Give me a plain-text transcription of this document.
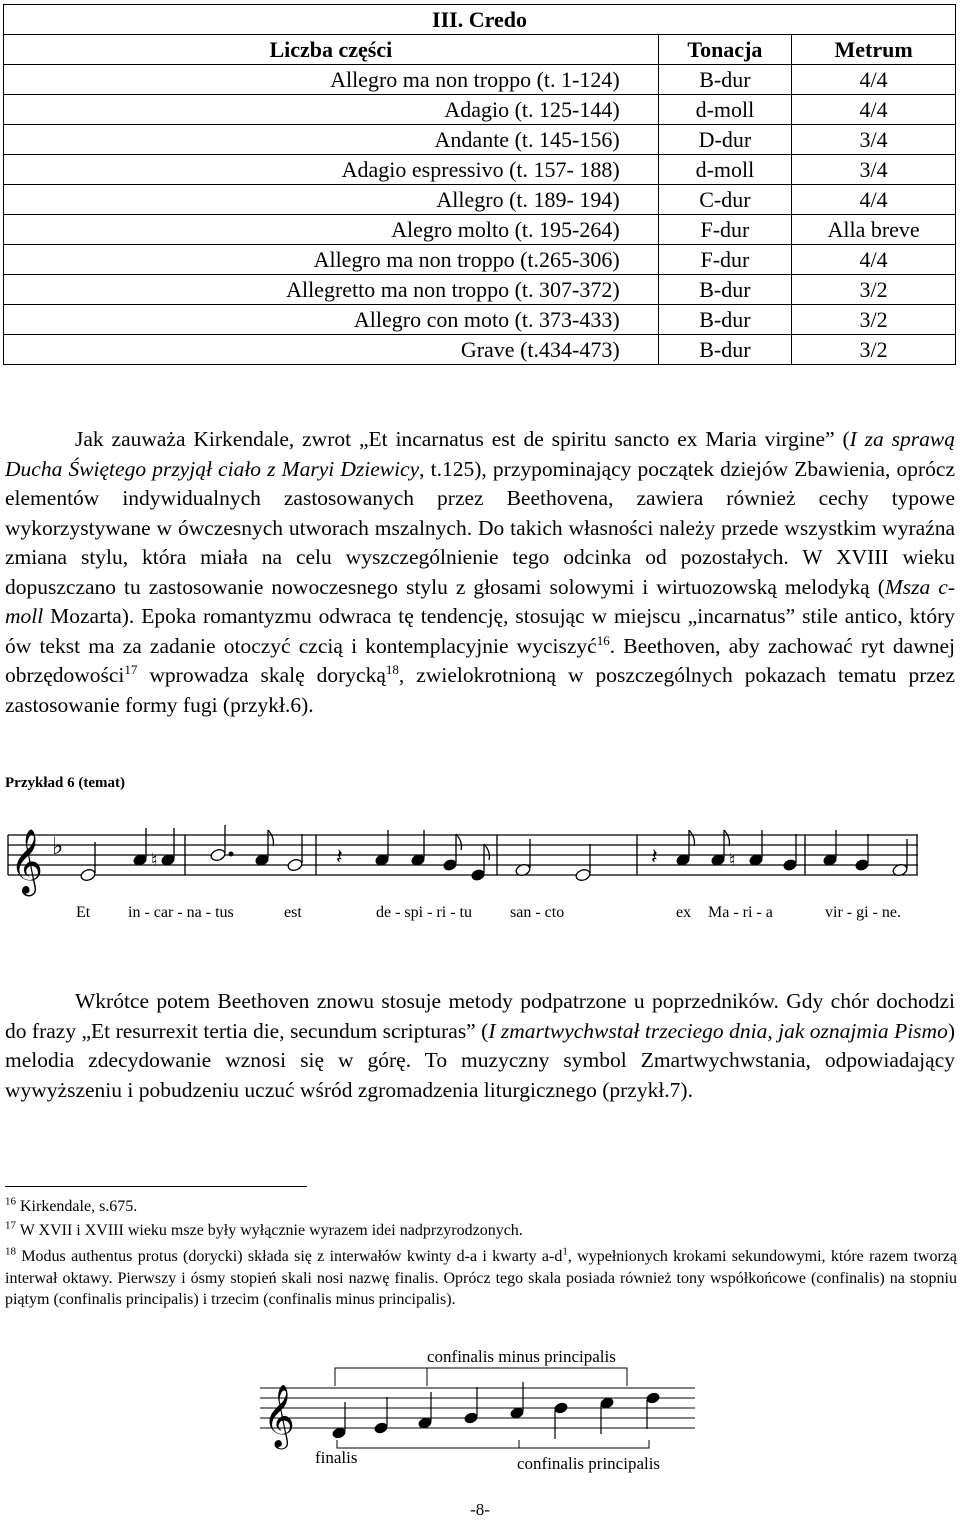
III. Credo		
Liczba części	Tonacja	Metrum
Allegro ma non troppo (t. 1-124)	B-dur	4/4
Adagio (t. 125-144)	d-moll	4/4
Andante (t. 145-156)	D-dur	3/4
Adagio espressivo (t. 157- 188)	d-moll	3/4
Allegro (t. 189- 194)	C-dur	4/4
Alegro molto (t. 195-264)	F-dur	Alla breve
Allegro ma non troppo (t.265-306)	F-dur	4/4
Allegretto ma non troppo (t. 307-372)	B-dur	3/2
Allegro con moto (t. 373-433)	B-dur	3/2
Grave (t.434-473)	B-dur	3/2

Jak zauważa Kirkendale, zwrot „Et incarnatus est de spiritu sancto ex Maria virgine” (I za sprawą Ducha Świętego przyjął ciało z Maryi Dziewicy, t.125), przypominający początek dziejów Zbawienia, oprócz elementów indywidualnych zastosowanych przez Beethovena, zawiera również cechy typowe wykorzystywane w ówczesnych utworach mszalnych. Do takich własności należy przede wszystkim wyraźna zmiana stylu, która miała na celu wyszczególnienie tego odcinka od pozostałych. W XVIII wieku dopuszczano tu zastosowanie nowoczesnego stylu z głosami solowymi i wirtuozowską melodyką (Msza c-moll Mozarta). Epoka romantyzmu odwraca tę tendencję, stosując w miejscu „incarnatus” stile antico, który ów tekst ma za zadanie otoczyć czcią i kontemplacyjnie wyciszyć$^{16}$. Beethoven, aby zachować ryt dawnej obrzędowości$^{17}$ wprowadza skalę dorycką$^{18}$, zwielokrotnioną w poszczególnych pokazach tematu przez zastosowanie formy fugi (przykł.6).

Przykład 6 (temat)

𝄞 ♭	♮	𝄽	𝄽	♮
Et in - car - na - tus	est	de - spi - ri - tu san - cto	ex Ma - ri - a	vir - gi - ne.

Wkrótce potem Beethoven znowu stosuje metody podpatrzone u poprzedników. Gdy chór dochodzi do frazy „Et resurrexit tertia die, secundum scripturas” (I zmartwychwstał trzeciego dnia, jak oznajmia Pismo) melodia zdecydowanie wznosi się w górę. To muzyczny symbol Zmartwychwstania, odpowiadający wywyższeniu i pobudzeniu uczuć wśród zgromadzenia liturgicznego (przykł.7).

$^{16}$ Kirkendale, s.675.

$^{17}$ W XVII i XVIII wieku msze były wyłącznie wyrazem idei nadprzyrodzonych.

$^{18}$ Modus authentus protus (dorycki) składa się z interwałów kwinty d-a i kwarty $a-d^1$, wypełnionych krokami sekundowymi, które razem tworzą interwał oktawy. Pierwszy i ósmy stopień skali nosi nazwę finalis. Oprócz tego skala posiada również tony współkońcowe (confinalis) na stopniu piątym (confinalis principalis) i trzecim (confinalis minus principalis).

confinalis minus principalis
𝄞
finalis	confinalis principalis
-8-
